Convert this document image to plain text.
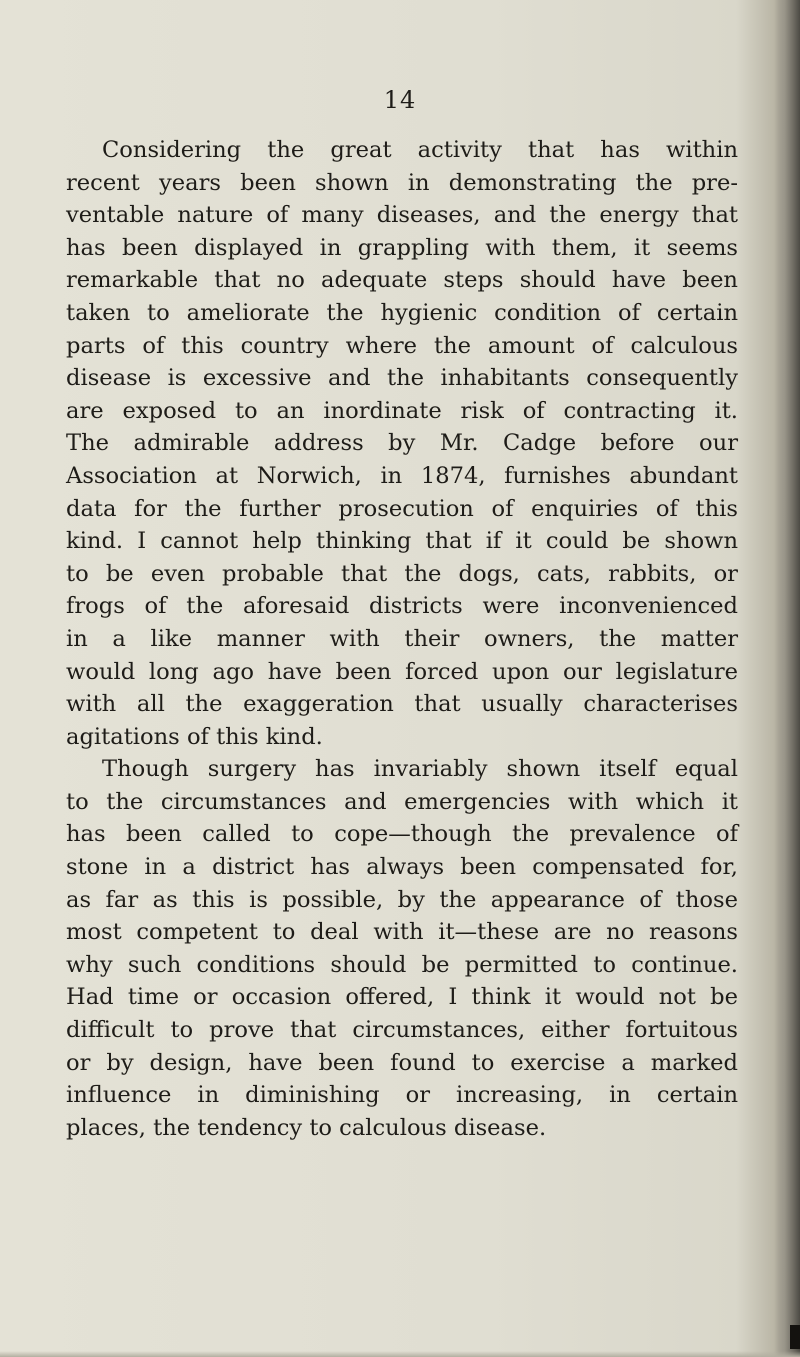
14
Considering the great activity that has within
recent years been shown in demonstrating the pre-
ventable nature of many diseases, and the energy that
has been displayed in grappling with them, it seems
remarkable that no adequate steps should have been
taken to ameliorate the hygienic condition of certain
parts of this country where the amount of calculous
disease is excessive and the inhabitants consequently
are exposed to an inordinate risk of contracting it.
The admirable address by Mr. Cadge before our
Association at Norwich, in 1874, furnishes abundant
data for the further prosecution of enquiries of this
kind. I cannot help thinking that if it could be shown
to be even probable that the dogs, cats, rabbits, or
frogs of the aforesaid districts were inconvenienced
in a like manner with their owners, the matter
would long ago have been forced upon our legislature
with all the exaggeration that usually characterises
agitations of this kind.
Though surgery has invariably shown itself equal
to the circumstances and emergencies with which it
has been called to cope—though the prevalence of
stone in a district has always been compensated for,
as far as this is possible, by the appearance of those
most competent to deal with it—these are no reasons
why such conditions should be permitted to continue.
Had time or occasion offered, I think it would not be
difficult to prove that circumstances, either fortuitous
or by design, have been found to exercise a marked
influence in diminishing or increasing, in certain
places, the tendency to calculous disease.
